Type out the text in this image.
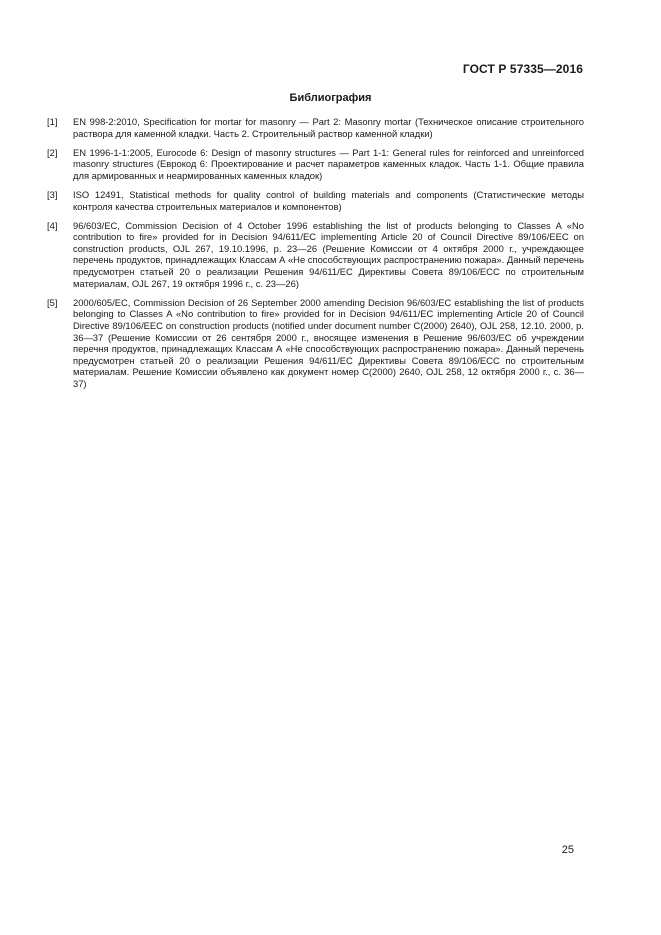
ГОСТ Р 57335—2016
Библиография
[1]	EN 998-2:2010, Specification for mortar for masonry — Part 2: Masonry mortar (Техническое описание строительного раствора для каменной кладки. Часть 2. Строительный раствор каменной кладки)
[2]	EN 1996-1-1:2005, Eurocode 6: Design of masonry structures — Part 1-1: General rules for reinforced and unreinforced masonry structures (Еврокод 6: Проектирование и расчет параметров каменных кладок. Часть 1-1. Общие правила для армированных и неармированных каменных кладок)
[3]	ISO 12491, Statistical methods for quality control of building materials and components (Статистические методы контроля качества строительных материалов и компонентов)
[4]	96/603/EC, Commission Decision of 4 October 1996 establishing the list of products belonging to Classes A «No contribution to fire» provided for in Decision 94/611/EC implementing Article 20 of Council Directive 89/106/EEC on construction products, OJL 267, 19.10.1996, p. 23—26 (Решение Комиссии от 4 октября 2000 г., учреждающее перечень продуктов, принадлежащих Классам А «Не способствующих распространению пожара». Данный перечень предусмотрен статьей 20 о реализации Решения 94/611/ЕС Директивы Совета 89/106/ЕСС по строительным материалам, OJL 267, 19 октября 1996 г., с. 23—26)
[5]	2000/605/EC, Commission Decision of 26 September 2000 amending Decision 96/603/EC establishing the list of products belonging to Classes A «No contribution to fire» provided for in Decision 94/611/EC implementing Article 20 of Council Directive 89/106/EEC on construction products (notified under document number C(2000) 2640), OJL 258, 12.10. 2000, p. 36—37 (Решение Комиссии от 26 сентября 2000 г., вносящее изменения в Решение 96/603/ЕС об учреждении перечня продуктов, принадлежащих Классам А «Не способствующих распространению пожара». Данный перечень предусмотрен статьей 20 о реализации Решения 94/611/ЕС Директивы Совета 89/106/ЕСС по строительным материалам. Решение Комиссии объявлено как документ номер С(2000) 2640, OJL 258, 12 октября 2000 г., с. 36—37)
25
